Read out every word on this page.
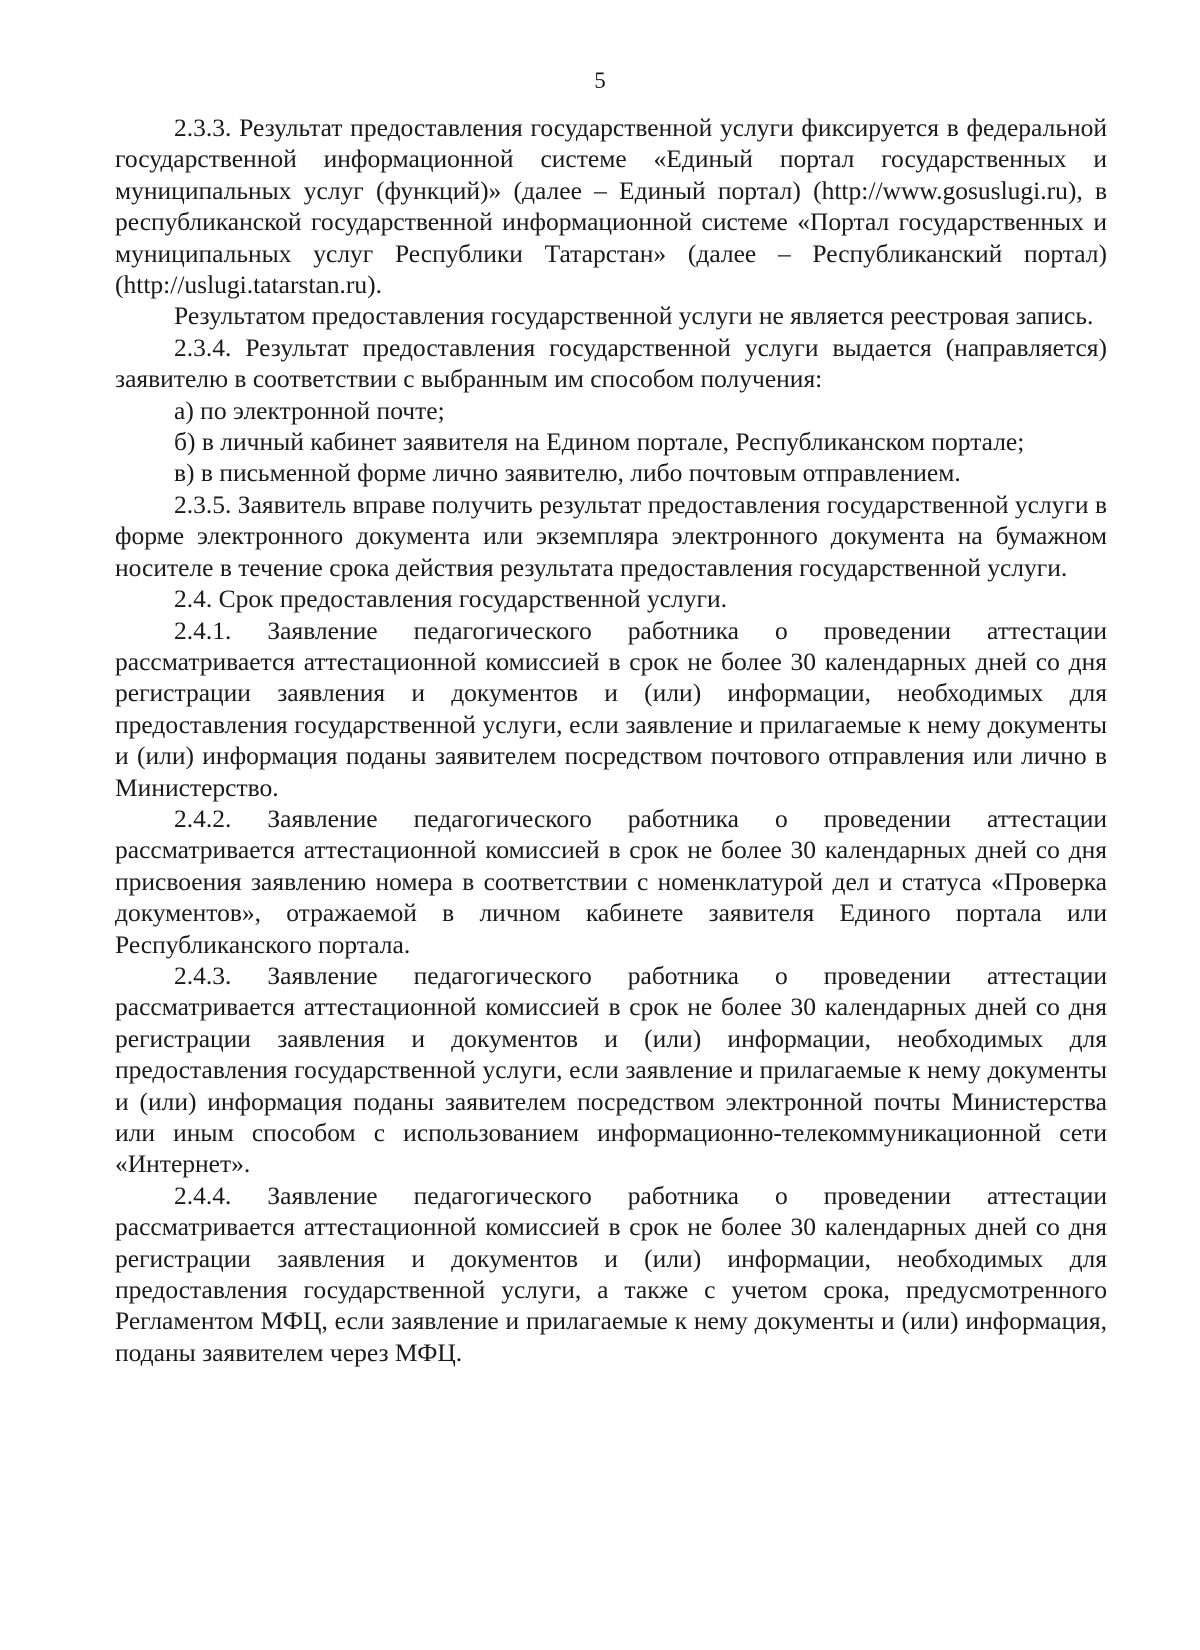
5

2.3.3. Результат предоставления государственной услуги фиксируется в федеральной государственной информационной системе «Единый портал государственных и муниципальных услуг (функций)» (далее – Единый портал) (http://www.gosuslugi.ru), в республиканской государственной информационной системе «Портал государственных и муниципальных услуг Республики Татарстан» (далее – Республиканский портал) (http://uslugi.tatarstan.ru).

Результатом предоставления государственной услуги не является реестровая запись.

2.3.4. Результат предоставления государственной услуги выдается (направляется) заявителю в соответствии с выбранным им способом получения:

а) по электронной почте;

б) в личный кабинет заявителя на Едином портале, Республиканском портале;

в) в письменной форме лично заявителю, либо почтовым отправлением.

2.3.5. Заявитель вправе получить результат предоставления государственной услуги в форме электронного документа или экземпляра электронного документа на бумажном носителе в течение срока действия результата предоставления государственной услуги.

2.4. Срок предоставления государственной услуги.

2.4.1. Заявление педагогического работника о проведении аттестации рассматривается аттестационной комиссией в срок не более 30 календарных дней со дня регистрации заявления и документов и (или) информации, необходимых для предоставления государственной услуги, если заявление и прилагаемые к нему документы и (или) информация поданы заявителем посредством почтового отправления или лично в Министерство.

2.4.2. Заявление педагогического работника о проведении аттестации рассматривается аттестационной комиссией в срок не более 30 календарных дней со дня присвоения заявлению номера в соответствии с номенклатурой дел и статуса «Проверка документов», отражаемой в личном кабинете заявителя Единого портала или Республиканского портала.

2.4.3. Заявление педагогического работника о проведении аттестации рассматривается аттестационной комиссией в срок не более 30 календарных дней со дня регистрации заявления и документов и (или) информации, необходимых для предоставления государственной услуги, если заявление и прилагаемые к нему документы и (или) информация поданы заявителем посредством электронной почты Министерства или иным способом с использованием информационно-телекоммуникационной сети «Интернет».

2.4.4. Заявление педагогического работника о проведении аттестации рассматривается аттестационной комиссией в срок не более 30 календарных дней со дня регистрации заявления и документов и (или) информации, необходимых для предоставления государственной услуги, а также с учетом срока, предусмотренного Регламентом МФЦ, если заявление и прилагаемые к нему документы и (или) информация, поданы заявителем через МФЦ.
